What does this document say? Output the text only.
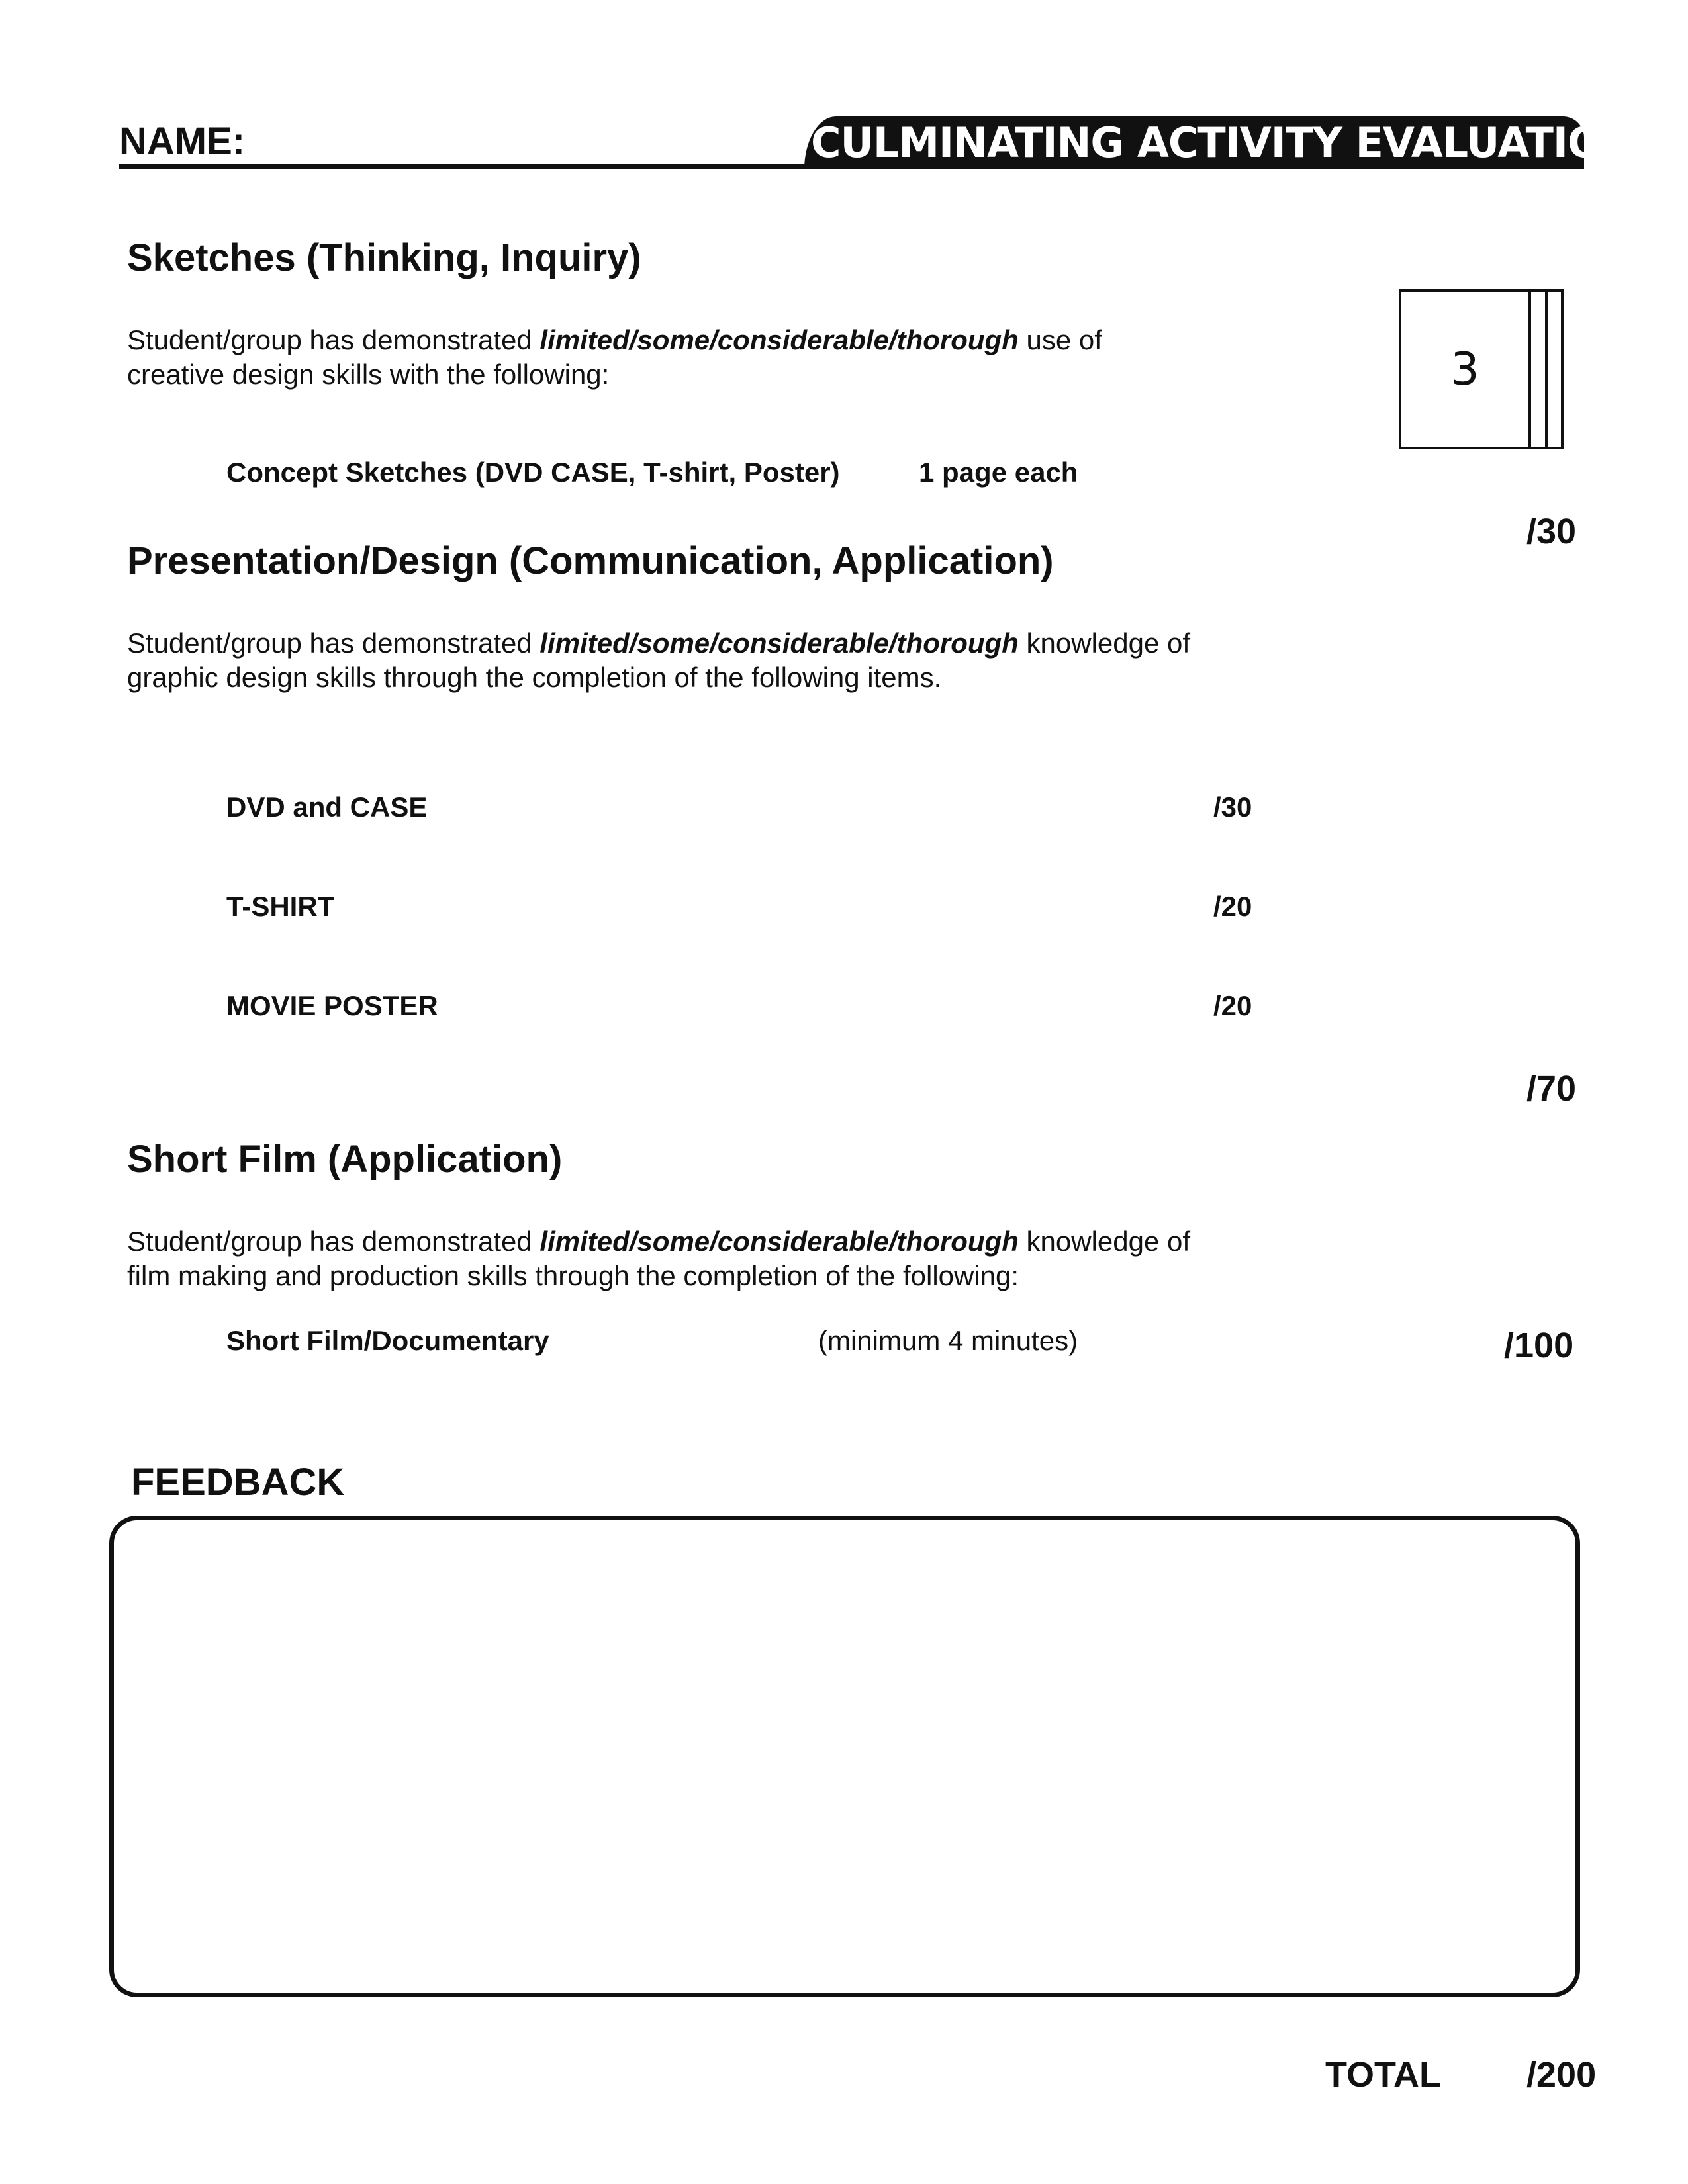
NAME:	CULMINATING ACTIVITY EVALUATION
Sketches (Thinking, Inquiry)
Student/group has demonstrated limited/some/considerable/thorough use of
creative design skills with the following:
Concept Sketches (DVD CASE, T-shirt, Poster)	1 page each
3
/30
Presentation/Design (Communication, Application)
Student/group has demonstrated limited/some/considerable/thorough knowledge of
graphic design skills through the completion of the following items.
DVD and CASE	/30
T-SHIRT	/20
MOVIE POSTER	/20
/70
Short Film (Application)
Student/group has demonstrated limited/some/considerable/thorough knowledge of
film making and production skills through the completion of the following:
Short Film/Documentary	(minimum 4 minutes)	/100
FEEDBACK
TOTAL /200
